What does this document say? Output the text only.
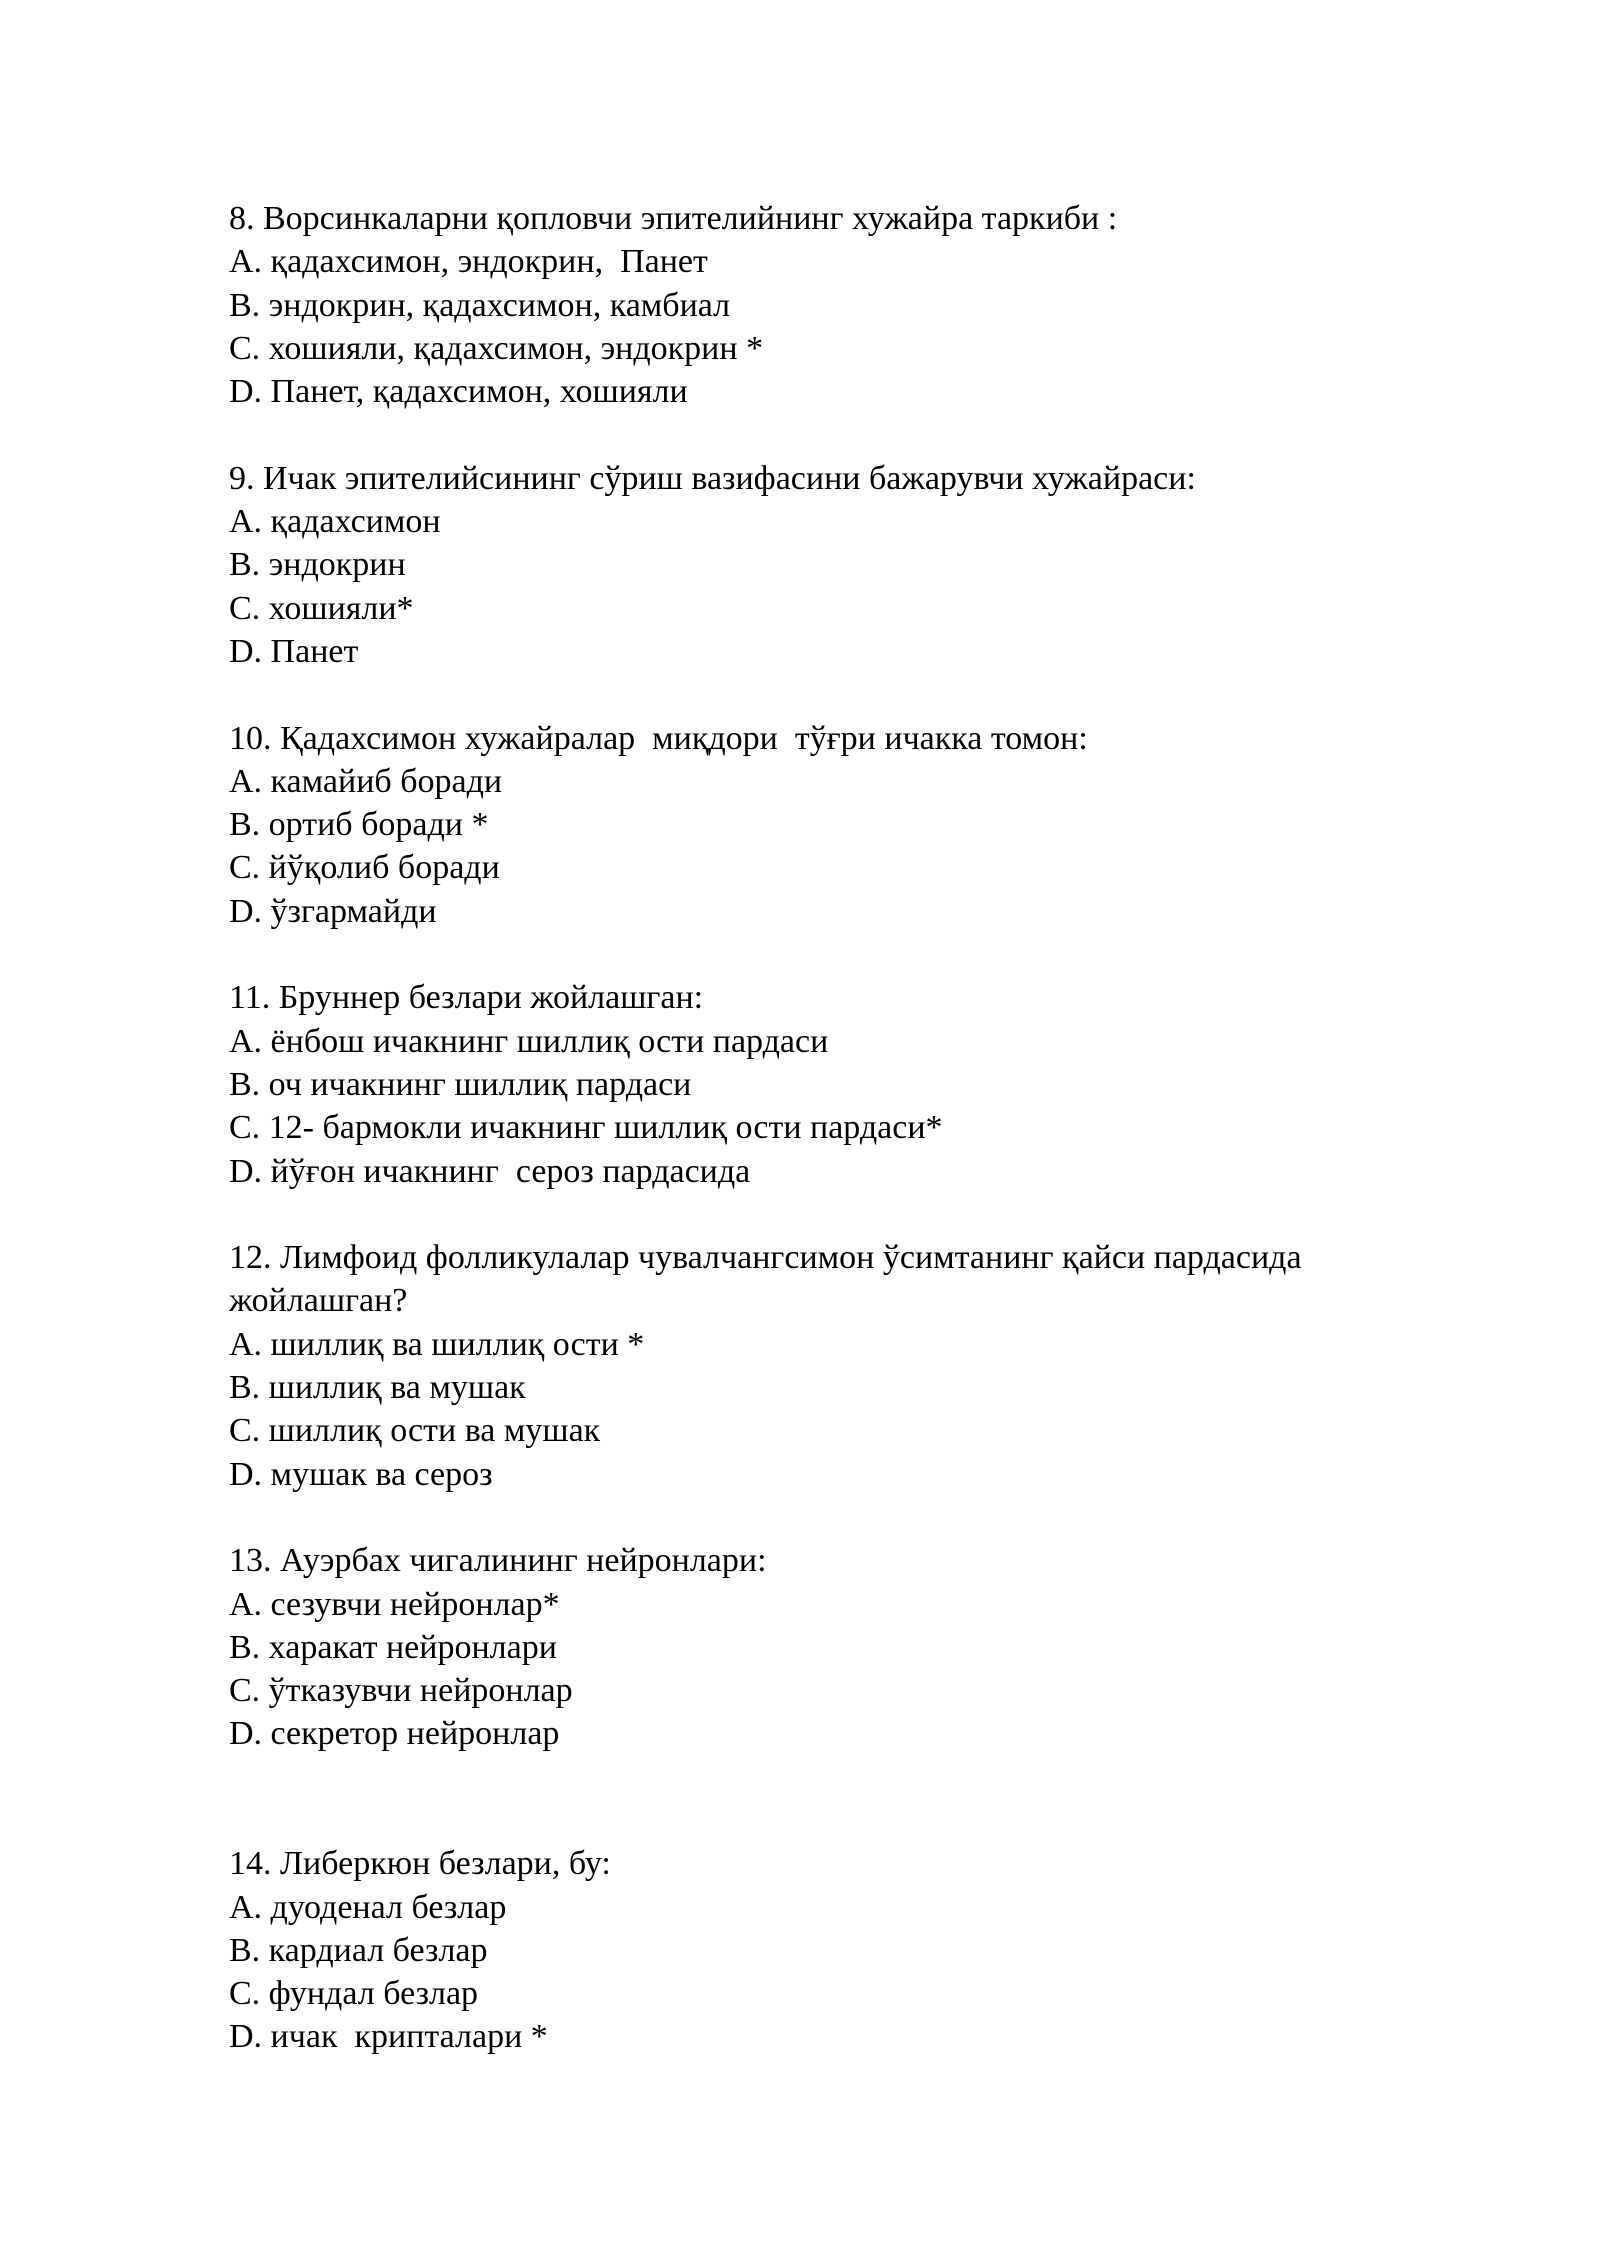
8. Ворсинкаларни қопловчи эпителийнинг хужайра таркиби :
A. қадахсимон, эндокрин,  Панет
B. эндокрин, қадахсимон, камбиал
C. хошияли, қадахсимон, эндокрин *
D. Панет, қадахсимон, хошияли
9. Ичак эпителийсининг сўриш вазифасини бажарувчи хужайраси:
A. қадахсимон
B. эндокрин
C. хошияли*
D. Панет
10. Қадахсимон хужайралар  миқдори  тўғри ичакка томон:
A. камайиб боради
B. ортиб боради *
C. йўқолиб боради
D. ўзгармайди
11. Бруннер безлари жойлашган:
A. ёнбош ичакнинг шиллиқ ости пардаси
B. оч ичакнинг шиллиқ пардаси
C. 12- бармокли ичакнинг шиллиқ ости пардаси*
D. йўғон ичакнинг  сероз пардасида
12. Лимфоид фолликулалар чувалчангсимон ўсимтанинг қайси пардасида
жойлашган?
A. шиллиқ ва шиллиқ ости *
B. шиллиқ ва мушак
C. шиллиқ ости ва мушак
D. мушак ва сероз
13. Ауэрбах чигалининг нейронлари:
A. сезувчи нейронлар*
B. харакат нейронлари
C. ўтказувчи нейронлар
D. секретор нейронлар
14. Либеркюн безлари, бу:
A. дуоденал безлар
B. кардиал безлар
C. фундал безлар
D. ичак  крипталари *
